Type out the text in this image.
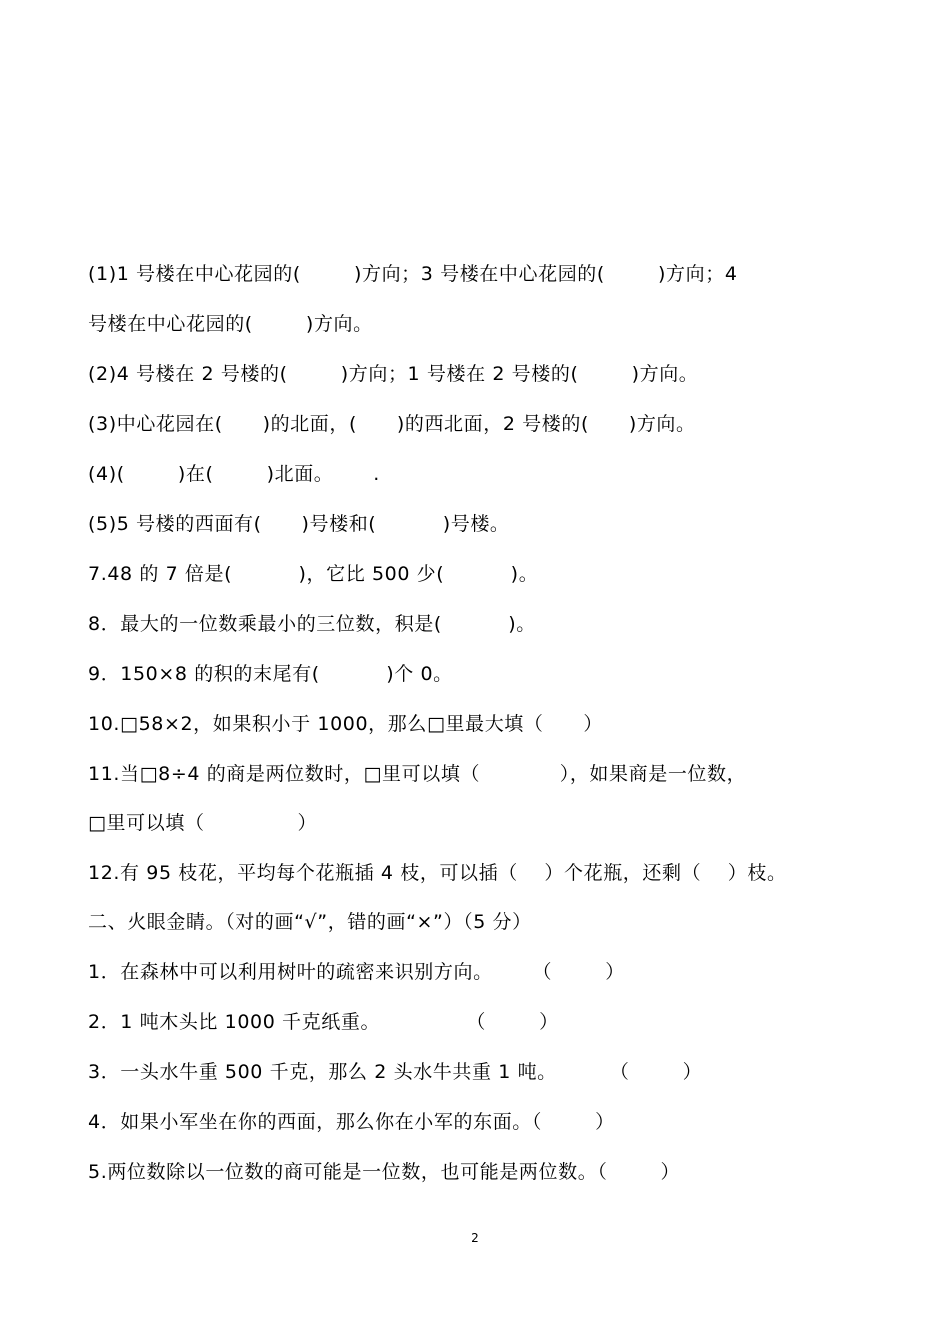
(1)1 号楼在中心花园的(        )方向；3 号楼在中心花园的(        )方向；4
号楼在中心花园的(        )方向。
(2)4 号楼在 2 号楼的(        )方向；1 号楼在 2 号楼的(        )方向。
(3)中心花园在(      )的北面，(      )的西北面，2 号楼的(      )方向。
(4)(        )在(        )北面。      .
(5)5 号楼的西面有(      )号楼和(          )号楼。
7.48 的 7 倍是(          )，它比 500 少(          )。
8．最大的一位数乘最小的三位数，积是(          )。
9．150×8 的积的末尾有(          )个 0。
10.□58×2，如果积小于 1000，那么□里最大填（      ）
11.当□8÷4 的商是两位数时，□里可以填（            ），如果商是一位数，
□里可以填（              ）
12.有 95 枝花，平均每个花瓶插 4 枝，可以插（    ）个花瓶，还剩（    ）枝。
二、火眼金睛。（对的画“√”，错的画“×”）（5 分）
1．在森林中可以利用树叶的疏密来识别方向。      （        ）
2．1 吨木头比 1000 千克纸重。             （        ）
3．一头水牛重 500 千克，那么 2 头水牛共重 1 吨。        （        ）
4．如果小军坐在你的西面，那么你在小军的东面。（        ）
5.两位数除以一位数的商可能是一位数，也可能是两位数。（        ）
2
